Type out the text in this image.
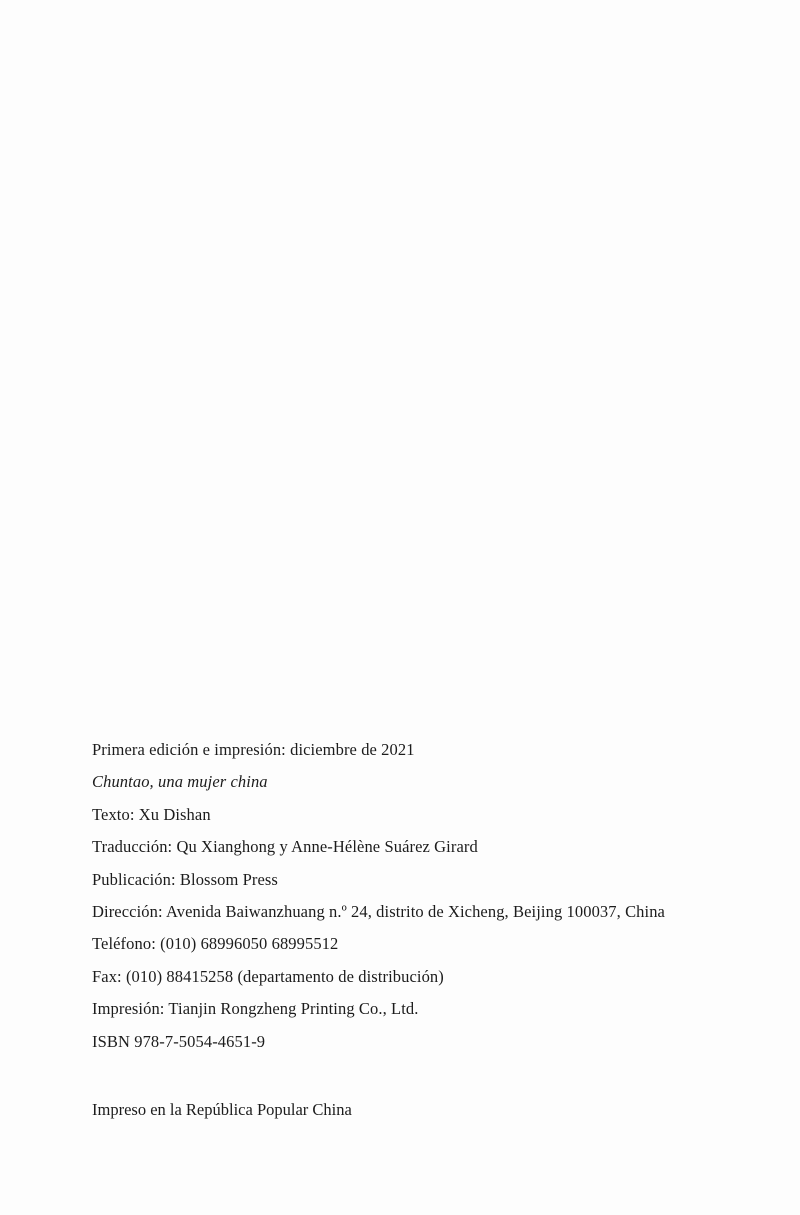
Primera edición e impresión: diciembre de 2021
Chuntao, una mujer china
Texto: Xu Dishan
Traducción: Qu Xianghong y Anne-Hélène Suárez Girard
Publicación: Blossom Press
Dirección: Avenida Baiwanzhuang n.º 24, distrito de Xicheng, Beijing 100037, China
Teléfono: (010) 68996050 68995512
Fax: (010) 88415258 (departamento de distribución)
Impresión: Tianjin Rongzheng Printing Co., Ltd.
ISBN 978-7-5054-4651-9
Impreso en la República Popular China
